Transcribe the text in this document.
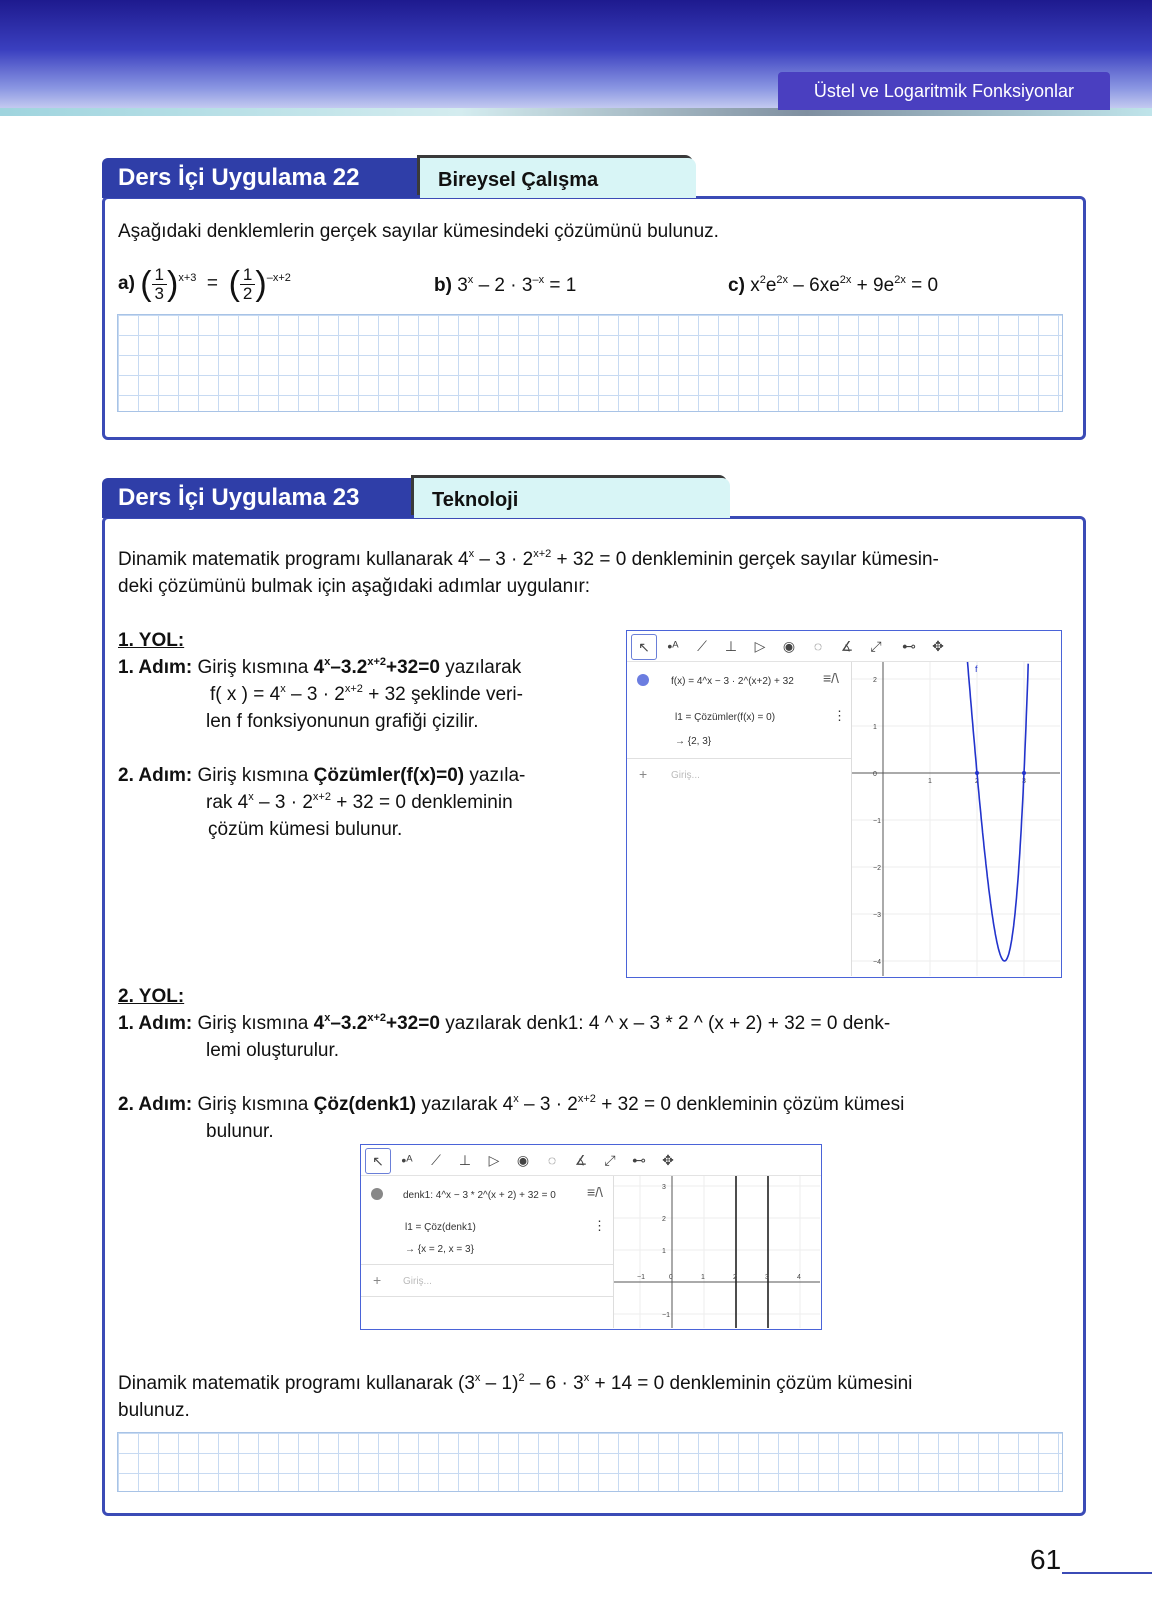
Üstel ve Logaritmik Fonksiyonlar
Ders İçi Uygulama 22	Bireysel Çalışma
Aşağıdaki denklemlerin gerçek sayılar kümesindeki çözümünü bulunuz.
a) ( $\frac{1}{3} )^{x+3}$  =  ( $\frac{1}{2} )^{-x+2}$	b) $3^x - 2 \cdot 3^{-x} = 1$	c) $x^2e^{2x} - 6xe^{2x} + 9e^{2x} = 0$
Ders İçi Uygulama 23	Teknoloji
Dinamik matematik programı kullanarak $4^x - 3 \cdot 2^{x+2} + 32 = 0$ denkleminin gerçek sayılar kümesin-
deki çözümünü bulmak için aşağıdaki adımlar uygulanır:
1. YOL:
1. Adım: Giriş kısmına $4^x-3.2^{x+2}+32=0$ yazılarak
f( x ) = $4^x - 3 \cdot 2^{x+2} + 32$ şeklinde veri-
len f fonksiyonunun grafiği çizilir.
2. Adım: Giriş kısmına Çözümler(f(x)=0) yazıla-
rak $4^x - 3 \cdot 2^{x+2} + 32 = 0$ denkleminin
çözüm kümesi bulunur.
↖	•ᴬ	⟋	⊥	▷	◉	◌	∡	⤢	⊷	✥
f(x) = 4^x − 3 · 2^(x+2) + 32 ≡/\
l1 = Çözümler(f(x) = 0)	⋮
→ {2, 3}
+ Giriş...
2
1
0
−1
−2
−3
−4
1	2	3
f
2. YOL:
1. Adım: Giriş kısmına $4^x-3.2^{x+2}+32=0$ yazılarak denk1: 4 ^ x – 3 * 2 ^ (x + 2) + 32 = 0 denk-
lemi oluşturulur.
2. Adım: Giriş kısmına Çöz(denk1) yazılarak $4^x - 3 \cdot 2^{x+2} + 32 = 0$ denkleminin çözüm kümesi
bulunur.
↖	•ᴬ	⟋	⊥	▷	◉	◌	∡	⤢	⊷	✥
denk1: 4^x − 3 * 2^(x + 2) + 32 = 0 ≡/\
l1 = Çöz(denk1)	⋮
→ {x = 2, x = 3}
+ Giriş...
3
2
1
−1
−1	0	1	2	3	4
Dinamik matematik programı kullanarak $(3^x - 1)^2 - 6 \cdot 3^x + 14 = 0$ denkleminin çözüm kümesini
bulunuz.
61
